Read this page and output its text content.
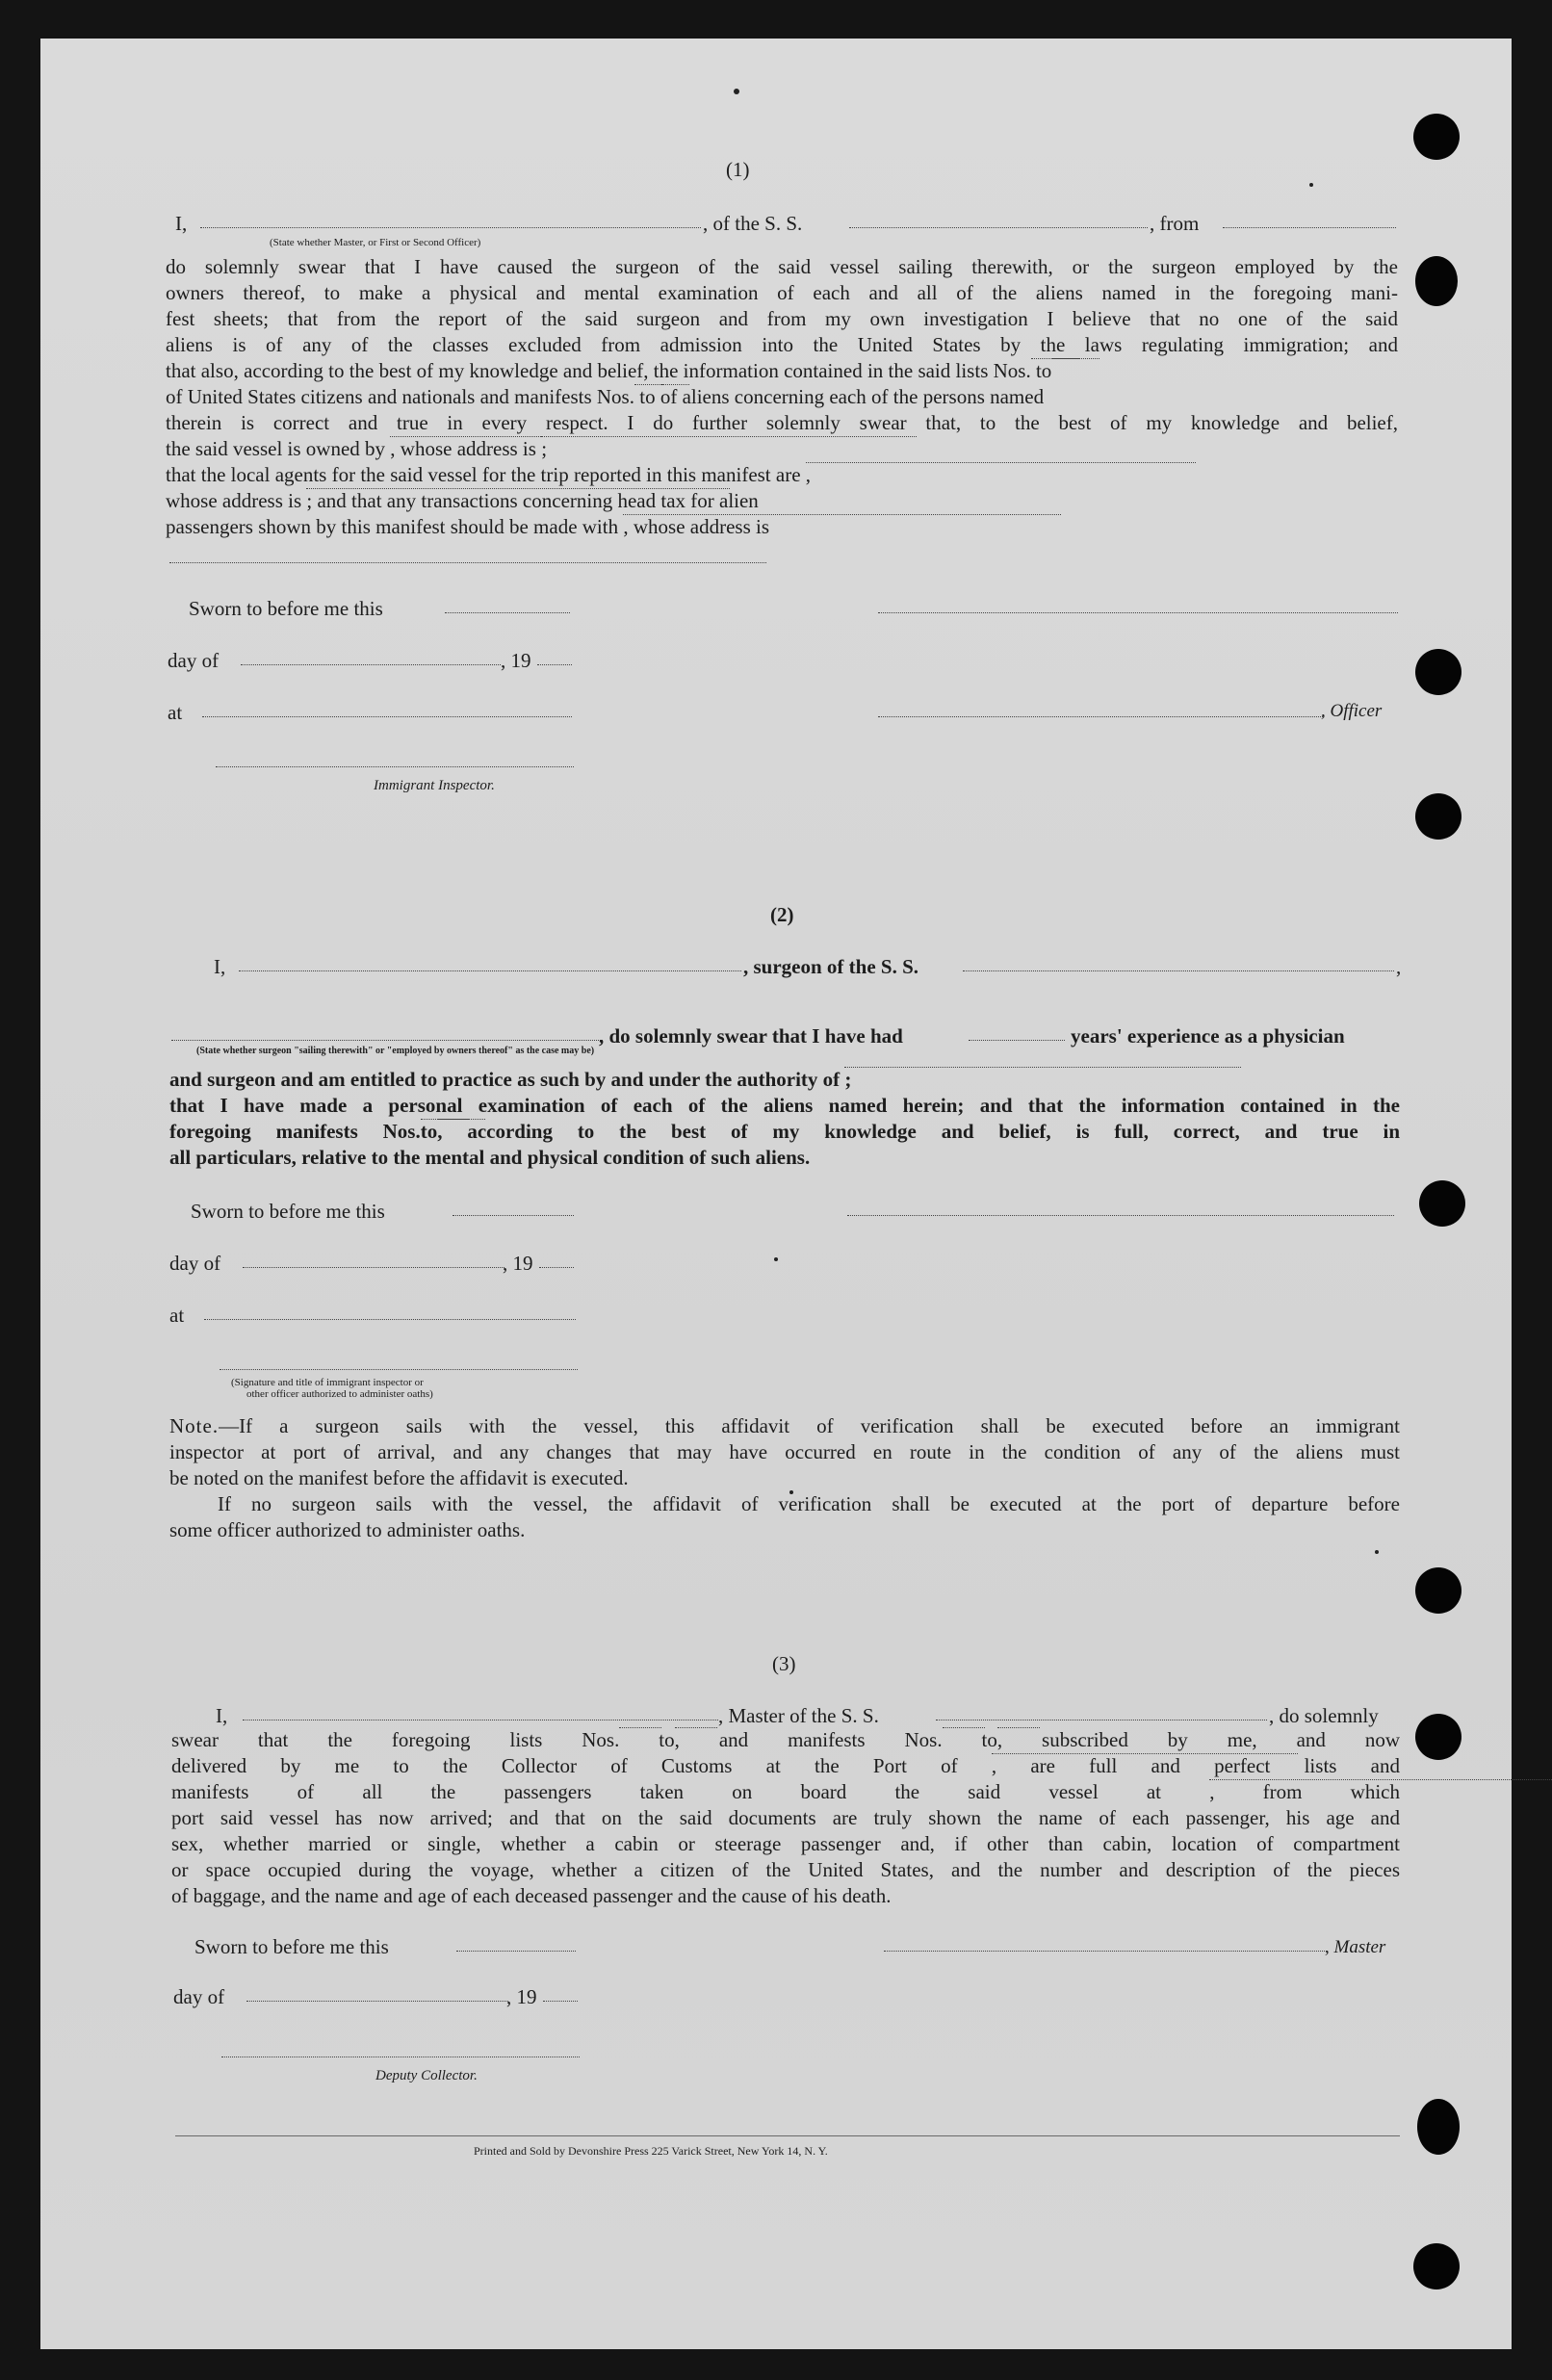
(1)
I,	, of the S. S.	, from
(State whether Master, or First or Second Officer)
do solemnly swear that I have caused the surgeon of the said vessel sailing therewith, or the surgeon employed by the
owners thereof, to make a physical and mental examination of each and all of the aliens named in the foregoing mani-
fest sheets; that from the report of the said surgeon and from my own investigation I believe that no one of the said
aliens is of any of the classes excluded from admission into the United States by the laws regulating immigration; and
that also, according to the best of my knowledge and belief, the information contained in the said lists Nos. to
of United States citizens and nationals and manifests Nos. to of aliens concerning each of the persons named
therein is correct and true in every respect. I do further solemnly swear that, to the best of my knowledge and belief,
the said vessel is owned by , whose address is ;
that the local agents for the said vessel for the trip reported in this manifest are ,
whose address is ; and that any transactions concerning head tax for alien
passengers shown by this manifest should be made with , whose address is
Sworn to before me this
day of	, 19
at	, Officer
Immigrant Inspector.
(2)
I,	, surgeon of the S. S.	,
, do solemnly swear that I have had	years' experience as a physician
(State whether surgeon "sailing therewith" or "employed by owners thereof" as the case may be)
and surgeon and am entitled to practice as such by and under the authority of ;
that I have made a personal examination of each of the aliens named herein; and that the information contained in the
foregoing manifests Nos.
to
, according to the best of my knowledge and belief, is full, correct, and true in
all particulars, relative to the mental and physical condition of such aliens.
Sworn to before me this
day of	, 19
at
(Signature and title of immigrant inspector or
other officer authorized to administer oaths)
Note.—If a surgeon sails with the vessel, this affidavit of verification shall be executed before an immigrant
inspector at port of arrival, and any changes that may have occurred en route in the condition of any of the aliens must
be noted on the manifest before the affidavit is executed.
If no surgeon sails with the vessel, the affidavit of verification shall be executed at the port of departure before
some officer authorized to administer oaths.
(3)
I,	, Master of the S. S.	, do solemnly
swear that the foregoing lists Nos. to
, and manifests Nos. to
, subscribed by me, and now
delivered by me to the Collector of Customs at the Port of , are full and perfect lists and
manifests of all the passengers taken on board the said vessel at , from which
port said vessel has now arrived; and that on the said documents are truly shown the name of each passenger, his age and
sex, whether married or single, whether a cabin or steerage passenger and, if other than cabin, location of compartment
or space occupied during the voyage, whether a citizen of the United States, and the number and description of the pieces
of baggage, and the name and age of each deceased passenger and the cause of his death.
Sworn to before me this	, Master
day of	, 19
Deputy Collector.
Printed and Sold by Devonshire Press 225 Varick Street, New York 14, N. Y.
